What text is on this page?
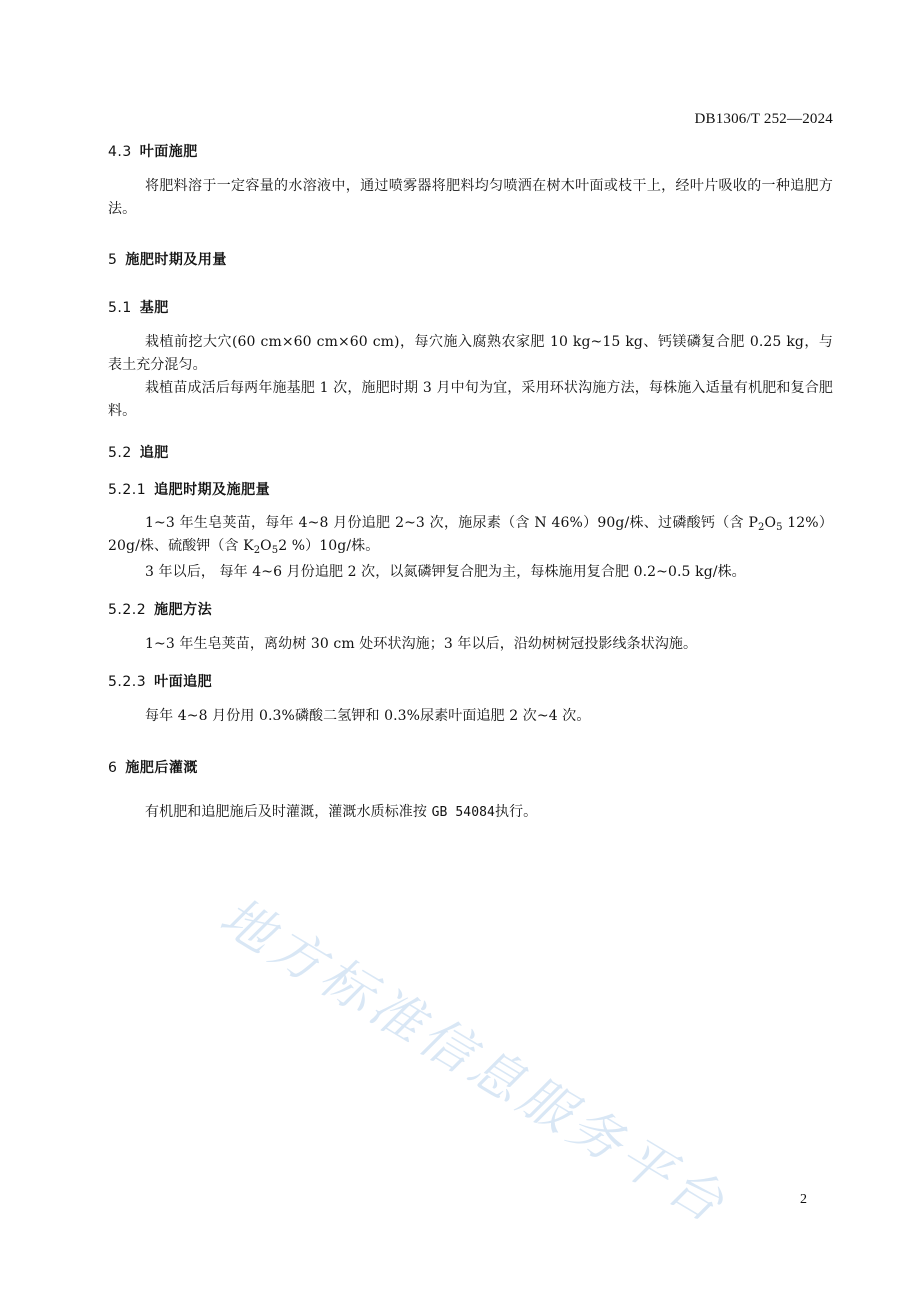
DB1306/T 252—2024
4.3 叶面施肥
将肥料溶于一定容量的水溶液中，通过喷雾器将肥料均匀喷洒在树木叶面或枝干上，经叶片吸收的一种追肥方法。
5 施肥时期及用量
5.1 基肥
栽植前挖大穴(60 cm×60 cm×60 cm)，每穴施入腐熟农家肥 10 kg~15 kg、钙镁磷复合肥 0.25 kg，与表土充分混匀。
栽植苗成活后每两年施基肥 1 次，施肥时期 3 月中旬为宜，采用环状沟施方法，每株施入适量有机肥和复合肥料。
5.2 追肥
5.2.1 追肥时期及施肥量
1~3 年生皂荚苗，每年 4~8 月份追肥 2~3 次，施尿素（含 N 46%）90g/株、过磷酸钙（含 $P_2O_5$ 12%）20g/株、硫酸钾（含 $K_2O_52$ %）10g/株。
3 年以后， 每年 4~6 月份追肥 2 次，以氮磷钾复合肥为主，每株施用复合肥 0.2~0.5 kg/株。
5.2.2 施肥方法
1~3 年生皂荚苗，离幼树 30 cm 处环状沟施；3 年以后，沿幼树树冠投影线条状沟施。
5.2.3 叶面追肥
每年 4~8 月份用 0.3%磷酸二氢钾和 0.3%尿素叶面追肥 2 次~4 次。
6 施肥后灌溉
有机肥和追肥施后及时灌溉，灌溉水质标准按 GB 54084执行。
地方标准信息服务平台	2
